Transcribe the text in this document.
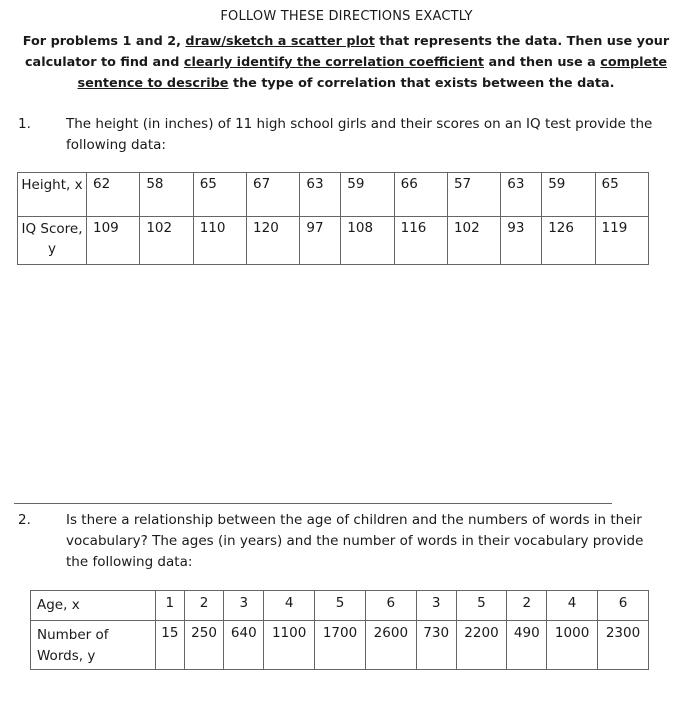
FOLLOW THESE DIRECTIONS EXACTLY
For problems 1 and 2, draw/sketch a scatter plot that represents the data. Then use your calculator to find and clearly identify the correlation coefficient and then use a complete sentence to describe the type of correlation that exists between the data.
1.	The height (in inches) of 11 high school girls and their scores on an IQ test provide the following data:
Height, x	62	58	65	67	63	59	66	57	63	59	65
IQ Score, y	109	102	110	120	97	108	116	102	93	126	119
2.	Is there a relationship between the age of children and the numbers of words in their vocabulary? The ages (in years) and the number of words in their vocabulary provide the following data:
Age, x	1	2	3	4	5	6	3	5	2	4	6
Number of Words, y	15	250	640	1100	1700	2600	730	2200	490	1000	2300
